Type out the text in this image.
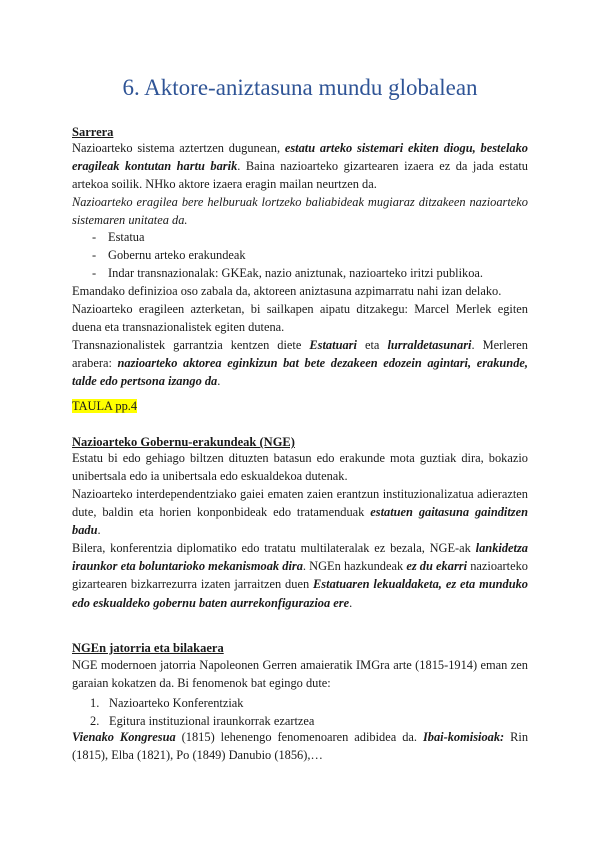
6. Aktore-aniztasuna mundu globalean
Sarrera
Nazioarteko sistema aztertzen dugunean, estatu arteko sistemari ekiten diogu, bestelako eragileak kontutan hartu barik. Baina nazioarteko gizartearen izaera ez da jada estatu artekoa soilik. NHko aktore izaera eragin mailan neurtzen da.
Nazioarteko eragilea bere helburuak lortzeko baliabideak mugiaraz ditzakeen nazioarteko sistemaren unitatea da.
- Estatua
- Gobernu arteko erakundeak
- Indar transnazionalak: GKEak, nazio aniztunak, nazioarteko iritzi publikoa.
Emandako definizioa oso zabala da, aktoreen aniztasuna azpimarratu nahi izan delako.
Nazioarteko eragileen azterketan, bi sailkapen aipatu ditzakegu: Marcel Merlek egiten duena eta transnazionalistek egiten dutena.
Transnazionalistek garrantzia kentzen diete Estatuari eta lurraldetasunari. Merleren arabera: nazioarteko aktorea eginkizun bat bete dezakeen edozein agintari, erakunde, talde edo pertsona izango da.
TAULA pp.4
Nazioarteko Gobernu-erakundeak (NGE)
Estatu bi edo gehiago biltzen dituzten batasun edo erakunde mota guztiak dira, bokazio unibertsala edo ia unibertsala edo eskualdekoa dutenak.
Nazioarteko interdependentziako gaiei ematen zaien erantzun instituzionalizatua adierazten dute, baldin eta horien konponbideak edo tratamenduak estatuen gaitasuna gainditzen badu.
Bilera, konferentzia diplomatiko edo tratatu multilateralak ez bezala, NGE-ak lankidetza iraunkor eta boluntarioko mekanismoak dira. NGEn hazkundeak ez du ekarri nazioarteko gizartearen bizkarrezurra izaten jarraitzen duen Estatuaren lekualdaketa, ez eta munduko edo eskualdeko gobernu baten aurrekonfigurazioa ere.
NGEn jatorria eta bilakaera
NGE modernoen jatorria Napoleonen Gerren amaieratik IMGra arte (1815-1914) eman zen garaian kokatzen da. Bi fenomenok bat egingo dute:
1. Nazioarteko Konferentziak
2. Egitura instituzional iraunkorrak ezartzea
Vienako Kongresua (1815) lehenengo fenomenoaren adibidea da. Ibai-komisioak: Rin (1815), Elba (1821), Po (1849) Danubio (1856),…
